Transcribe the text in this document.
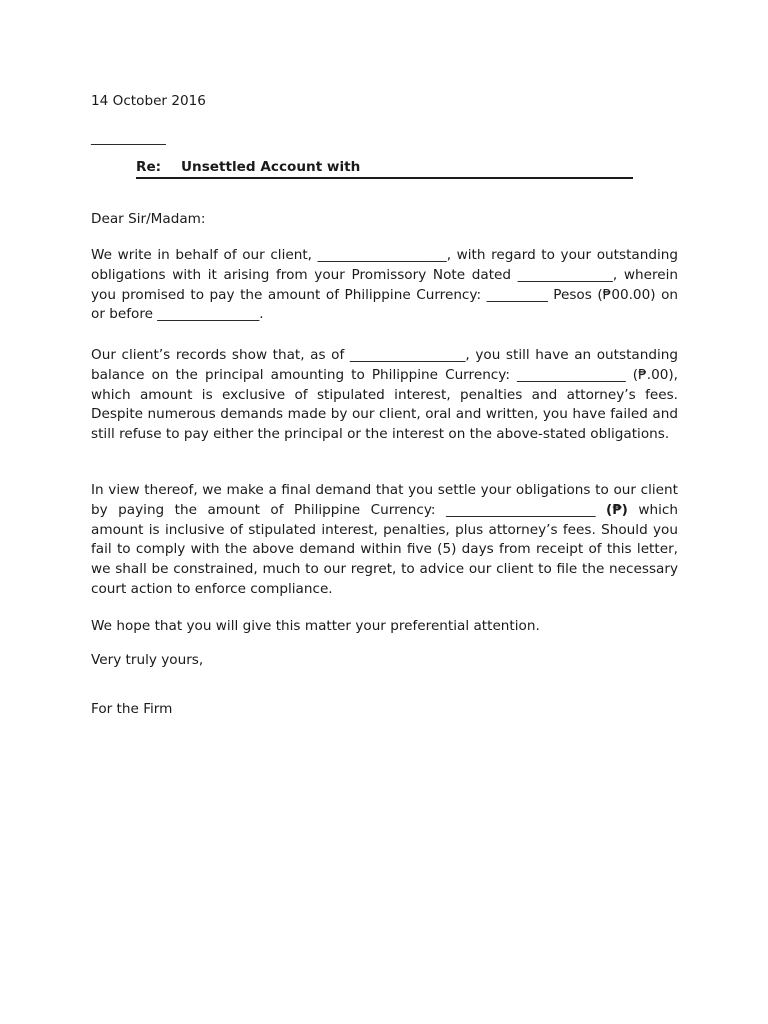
14 October 2016
___________
Re: Unsettled Account with
Dear Sir/Madam:

We write in behalf of our client, ___________________, with regard to your outstanding obligations with it arising from your Promissory Note dated ______________, wherein you promised to pay the amount of Philippine Currency: _________ Pesos (₱00.00) on or before _______________.

Our client’s records show that, as of _________________, you still have an outstanding balance on the principal amounting to Philippine Currency: ________________ (₱.00), which amount is exclusive of stipulated interest, penalties and attorney’s fees. Despite numerous demands made by our client, oral and written, you have failed and still refuse to pay either the principal or the interest on the above-stated obligations.

In view thereof, we make a final demand that you settle your obligations to our client by paying the amount of Philippine Currency: ______________________ (₱) which amount is inclusive of stipulated interest, penalties, plus attorney’s fees. Should you fail to comply with the above demand within five (5) days from receipt of this letter, we shall be constrained, much to our regret, to advice our client to file the necessary court action to enforce compliance.

We hope that you will give this matter your preferential attention.
Very truly yours,
For the Firm
